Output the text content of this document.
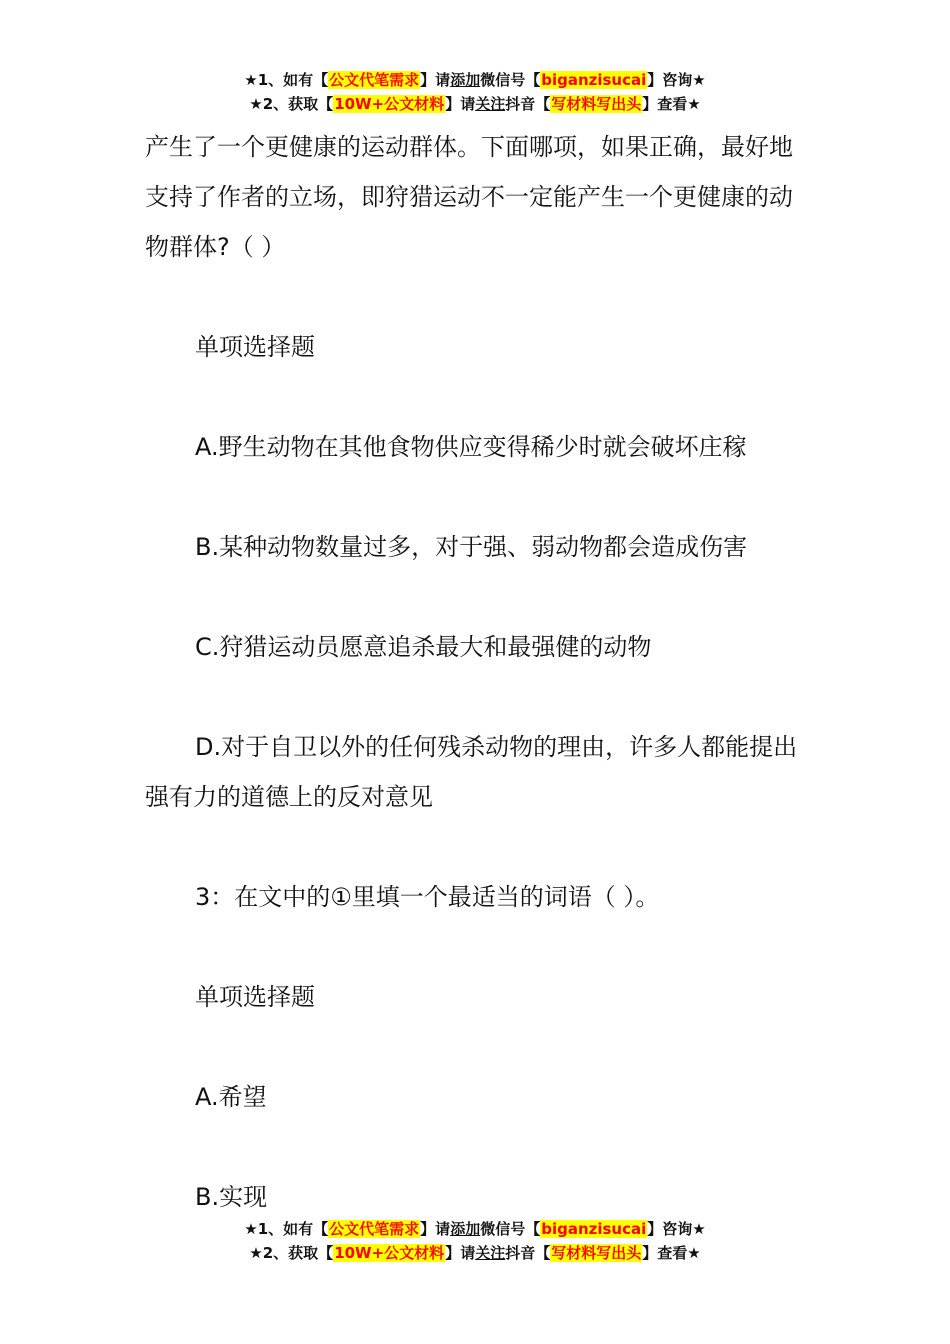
★1、如有【公文代笔需求】请添加微信号【biganzisucai】咨询★
★2、获取【10W+公文材料】请关注抖音【写材料写出头】查看★

产生了一个更健康的运动群体。下面哪项，如果正确，最好地支持了作者的立场，即狩猎运动不一定能产生一个更健康的动物群体?（ ）

单项选择题

A.野生动物在其他食物供应变得稀少时就会破坏庄稼

B.某种动物数量过多，对于强、弱动物都会造成伤害

C.狩猎运动员愿意追杀最大和最强健的动物

D.对于自卫以外的任何残杀动物的理由，许多人都能提出强有力的道德上的反对意见

3：在文中的①里填一个最适当的词语（ ）。

单项选择题

A.希望

B.实现

★1、如有【公文代笔需求】请添加微信号【biganzisucai】咨询★
★2、获取【10W+公文材料】请关注抖音【写材料写出头】查看★
